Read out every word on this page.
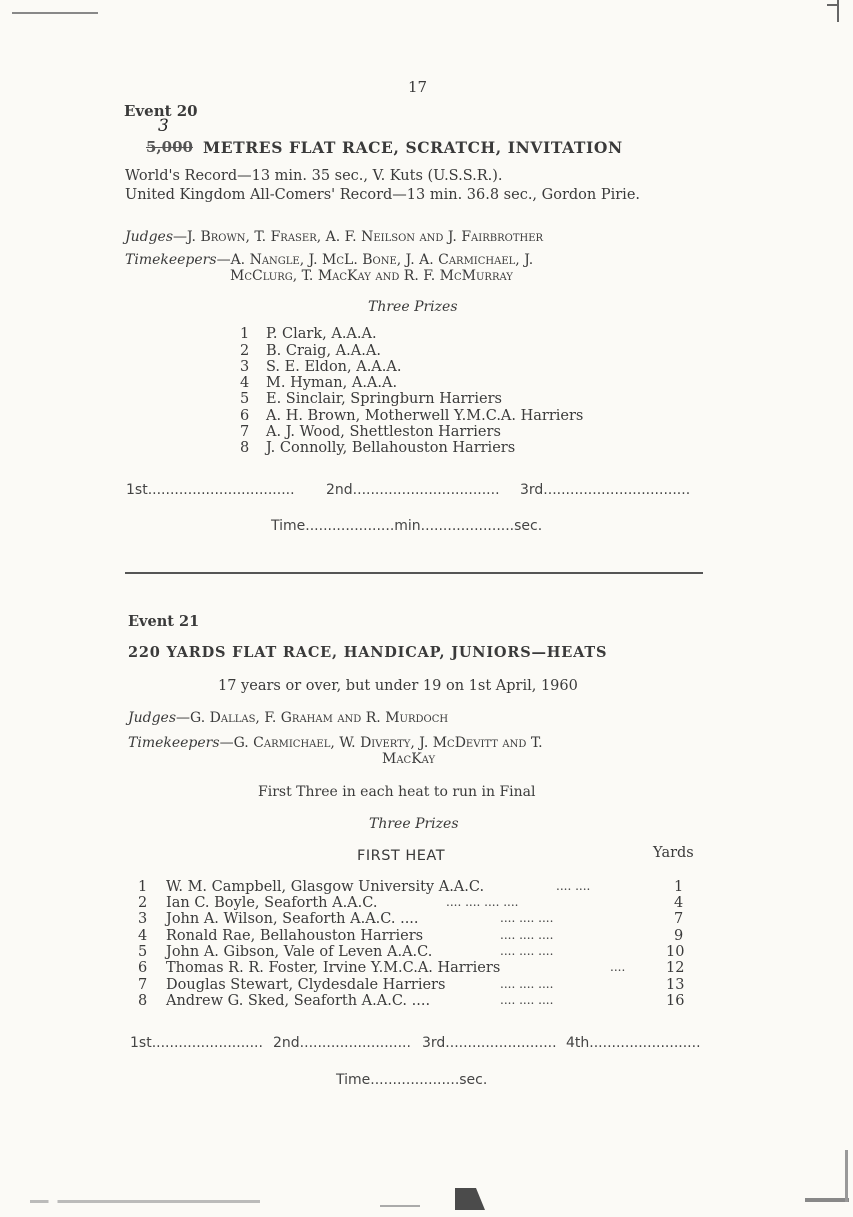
17
Event 20
3
5,000 METRES FLAT RACE, SCRATCH, INVITATION
World's Record—13 min. 35 sec., V. Kuts (U.S.S.R.).
United Kingdom All-Comers' Record—13 min. 36.8 sec., Gordon Pirie.
Judges—J. Brown, T. Fraser, A. F. Neilson and J. Fairbrother
Timekeepers—A. Nangle, J. McL. Bone, J. A. Carmichael, J.
McClurg, T. MacKay and R. F. McMurray
Three Prizes
1 P. Clark, A.A.A.
2 B. Craig, A.A.A.
3 S. E. Eldon, A.A.A.
4 M. Hyman, A.A.A.
5 E. Sinclair, Springburn Harriers
6 A. H. Brown, Motherwell Y.M.C.A. Harriers
7 A. J. Wood, Shettleston Harriers
8 J. Connolly, Bellahouston Harriers
1st................................. 2nd................................. 3rd.................................
Time....................min.....................sec.
Event 21
220 YARDS FLAT RACE, HANDICAP, JUNIORS—HEATS
17 years or over, but under 19 on 1st April, 1960
Judges—G. Dallas, F. Graham and R. Murdoch
Timekeepers—G. Carmichael, W. Diverty, J. McDevitt and T.
MacKay
First Three in each heat to run in Final
Three Prizes
FIRST HEAT	Yards
1 W. M. Campbell, Glasgow University A.A.C.	.... ....	1
2 Ian C. Boyle, Seaforth A.A.C.	.... .... .... ....	4
3 John A. Wilson, Seaforth A.A.C. ....	.... .... ....	7
4 Ronald Rae, Bellahouston Harriers	.... .... ....	9
5 John A. Gibson, Vale of Leven A.A.C.	.... .... ....	10
6 Thomas R. R. Foster, Irvine Y.M.C.A. Harriers	....	12
7 Douglas Stewart, Clydesdale Harriers	.... .... ....	13
8 Andrew G. Sked, Seaforth A.A.C. ....	.... .... ....	16
1st......................... 2nd......................... 3rd......................... 4th.........................
Time....................sec.
